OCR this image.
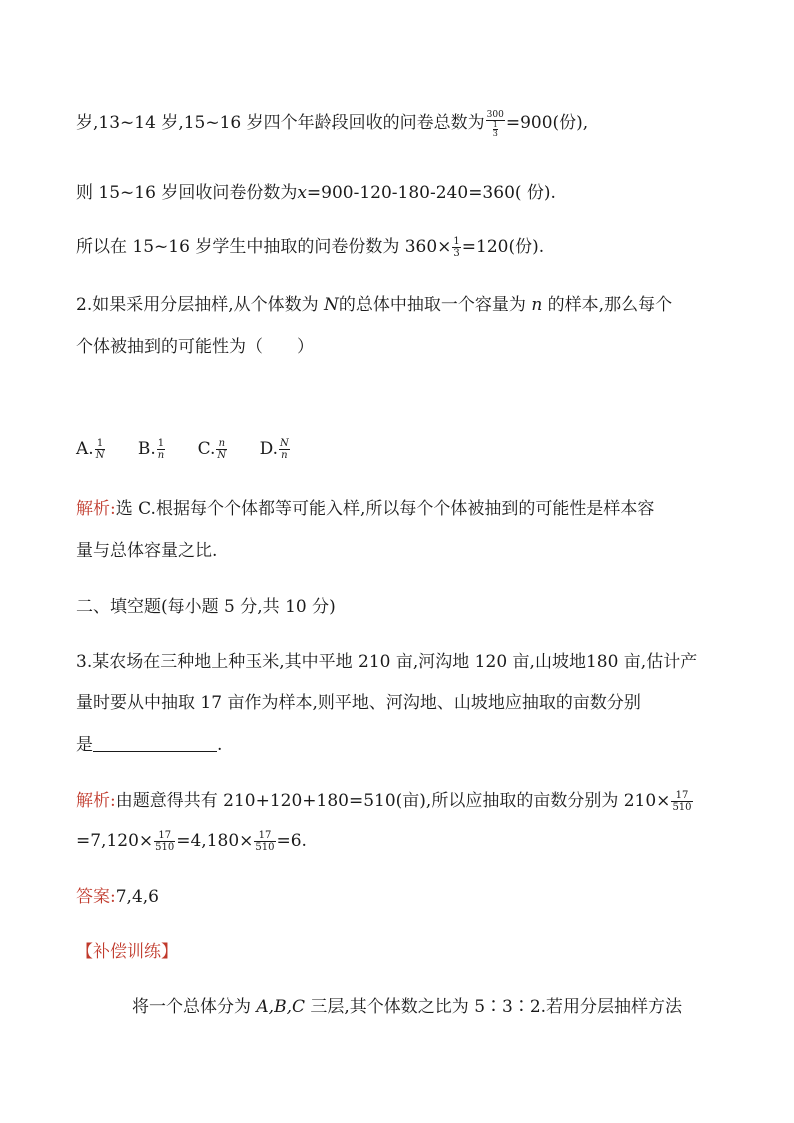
岁,13~14 岁,15~16 岁四个年龄段回收的问卷总数为 $\frac{300}{\frac{1}{3}} =900$(份),
则 15~16 岁回收问卷份数为x=900-120-180-240=360( 份).
所以在 15~16 岁学生中抽取的问卷份数为 $360\times \frac{1}{3} =120$(份).
2.如果采用分层抽样,从个体数为 N的总体中抽取一个容量为 n 的样本,那么每个
个体被抽到的可能性为（　　）
A. $\frac{1}{N} B$. $\frac{1}{n} C$. $\frac{n}{N} D$. $\frac{N}{n}$
解析:选 C.根据每个个体都等可能入样,所以每个个体被抽到的可能性是样本容
量与总体容量之比.
二、填空题(每小题 5 分,共 10 分)
3.某农场在三种地上种玉米,其中平地 210 亩,河沟地 120 亩,山坡地180 亩,估计产
量时要从中抽取 17 亩作为样本,则平地、河沟地、山坡地应抽取的亩数分别
是	.
解析:由题意得共有 210+120+180=510(亩),所以应抽取的亩数分别为 $210\times \frac{17}{510}$
$=7,120\times \frac{17}{510} =4,180\times \frac{17}{510} =6$.
答案:7,4,6
【补偿训练】
将一个总体分为 A,B,C 三层,其个体数之比为 5∶3∶2.若用分层抽样方法
